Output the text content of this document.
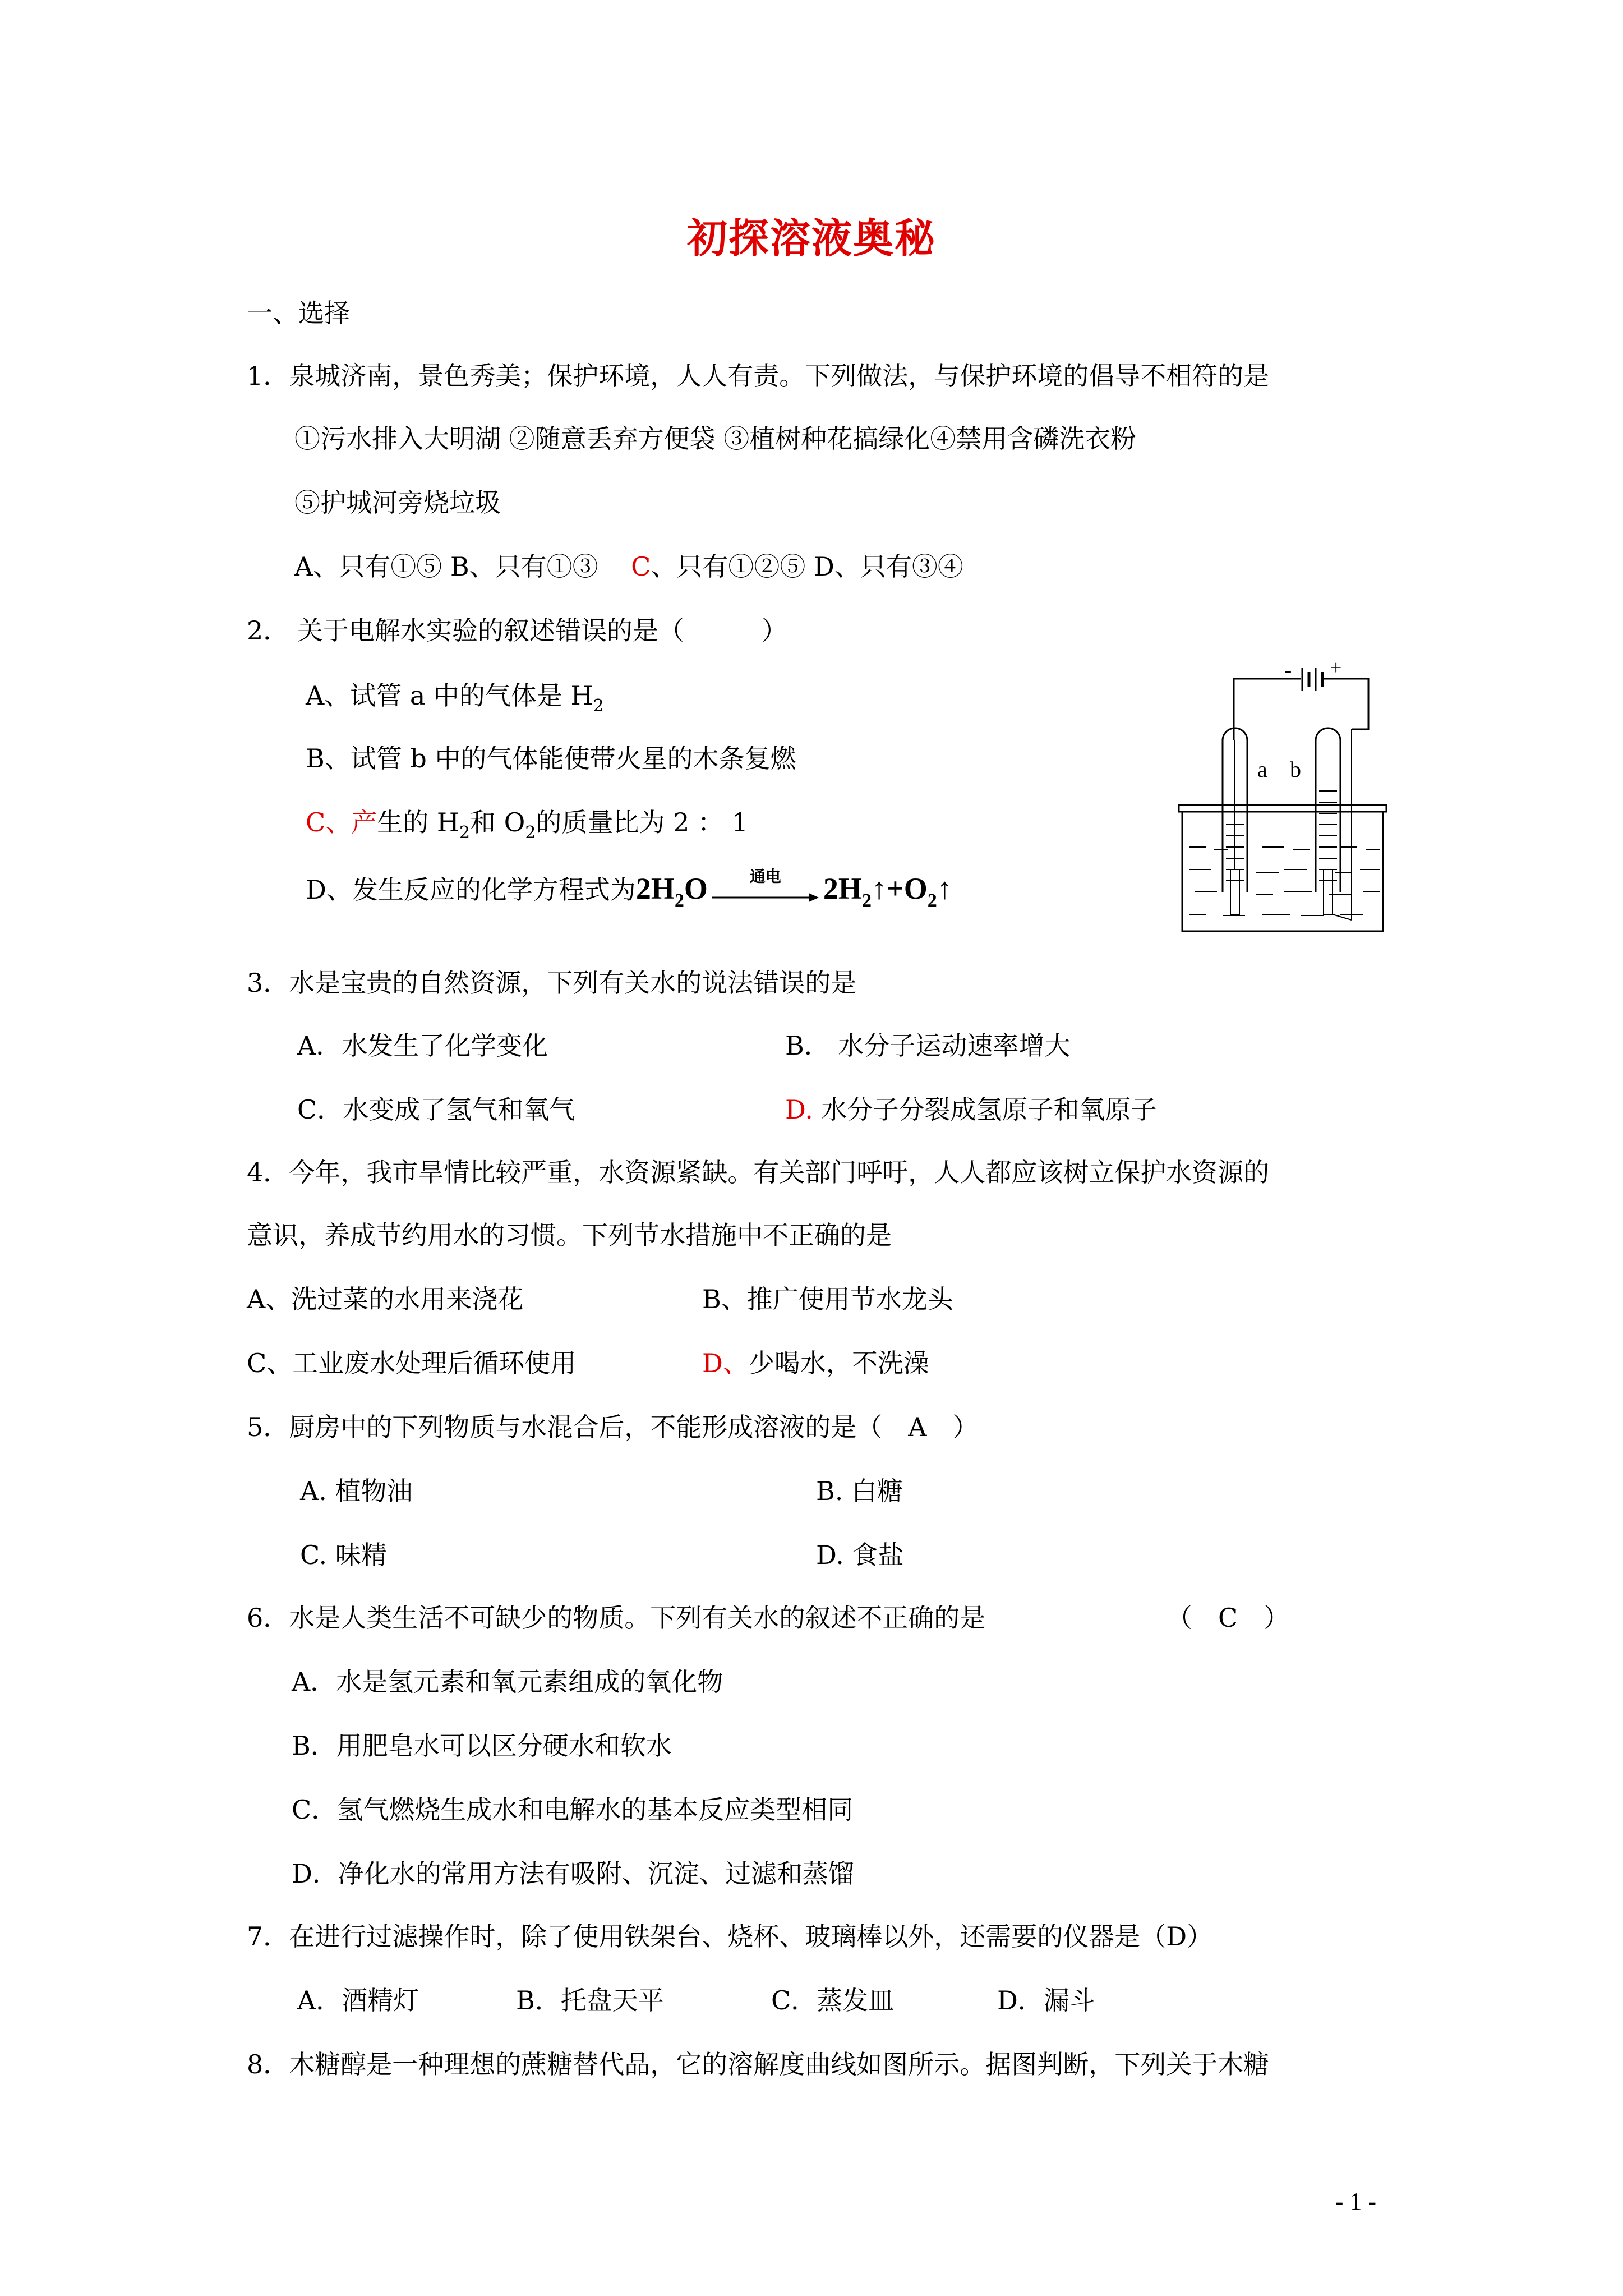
初探溶液奥秘
一、选择
1．泉城济南，景色秀美；保护环境，人人有责。下列做法，与保护环境的倡导不相符的是
①污水排入大明湖 ②随意丢弃方便袋 ③植树种花搞绿化④禁用含磷洗衣粉
⑤护城河旁烧垃圾
A、只有①⑤ B、只有①③ C、只有①②⑤ D、只有③④
2． 关于电解水实验的叙述错误的是（　　　）
A、试管 a 中的气体是 $H_2$
B、试管 b 中的气体能使带火星的木条复燃
C、产生的 $H_2$和 $O_2$的质量比为 2 ： 1
D、发生反应的化学方程式为$2H_2O$	通电 $2H_2↑+O_2↑$
- +
a b
3．水是宝贵的自然资源，下列有关水的说法错误的是
A．水发生了化学变化	B． 水分子运动速率增大
C．水变成了氢气和氧气	D. 水分子分裂成氢原子和氧原子
4．今年，我市旱情比较严重，水资源紧缺。有关部门呼吁，人人都应该树立保护水资源的
意识，养成节约用水的习惯。下列节水措施中不正确的是
A、洗过菜的水用来浇花	B、推广使用节水龙头
C、工业废水处理后循环使用	D、少喝水，不洗澡
5．厨房中的下列物质与水混合后，不能形成溶液的是（　A　）
A. 植物油	B. 白糖
C. 味精	D. 食盐
6．水是人类生活不可缺少的物质。下列有关水的叙述不正确的是	（　C　）
A．水是氢元素和氧元素组成的氧化物
B．用肥皂水可以区分硬水和软水
C．氢气燃烧生成水和电解水的基本反应类型相同
D．净化水的常用方法有吸附、沉淀、过滤和蒸馏
7．在进行过滤操作时，除了使用铁架台、烧杯、玻璃棒以外，还需要的仪器是（D）
A．酒精灯	B．托盘天平	C．蒸发皿	D．漏斗
8．木糖醇是一种理想的蔗糖替代品，它的溶解度曲线如图所示。据图判断，下列关于木糖
- 1 -
